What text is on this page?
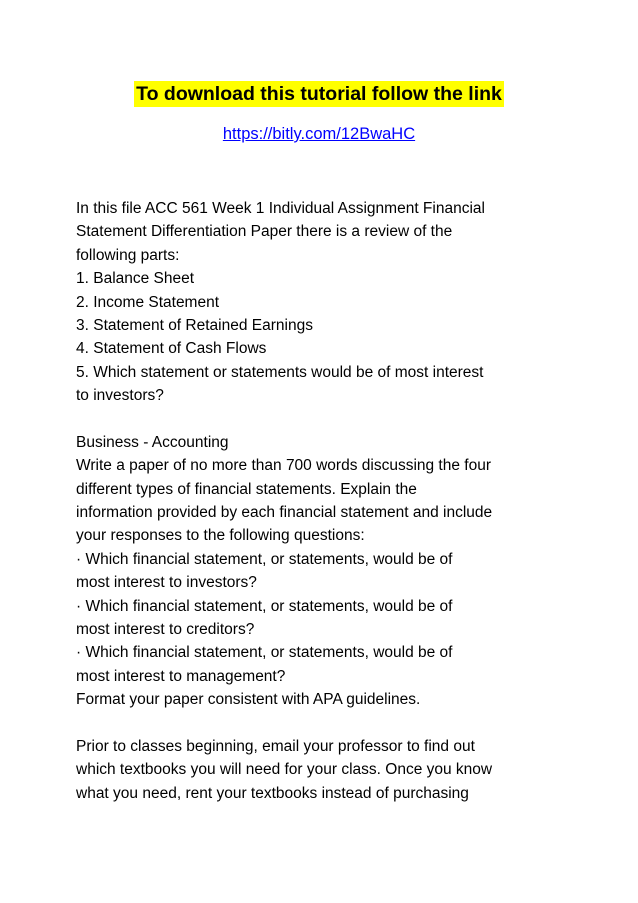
To download this tutorial follow the link
https://bitly.com/12BwaHC
In this file ACC 561 Week 1 Individual Assignment Financial
Statement Differentiation Paper there is a review of the
following parts:
1. Balance Sheet
2. Income Statement
3. Statement of Retained Earnings
4. Statement of Cash Flows
5. Which statement or statements would be of most interest
to investors?
Business - Accounting
Write a paper of no more than 700 words discussing the four
different types of financial statements. Explain the
information provided by each financial statement and include
your responses to the following questions:
· Which financial statement, or statements, would be of
most interest to investors?
· Which financial statement, or statements, would be of
most interest to creditors?
· Which financial statement, or statements, would be of
most interest to management?
Format your paper consistent with APA guidelines.
Prior to classes beginning, email your professor to find out
which textbooks you will need for your class. Once you know
what you need, rent your textbooks instead of purchasing
